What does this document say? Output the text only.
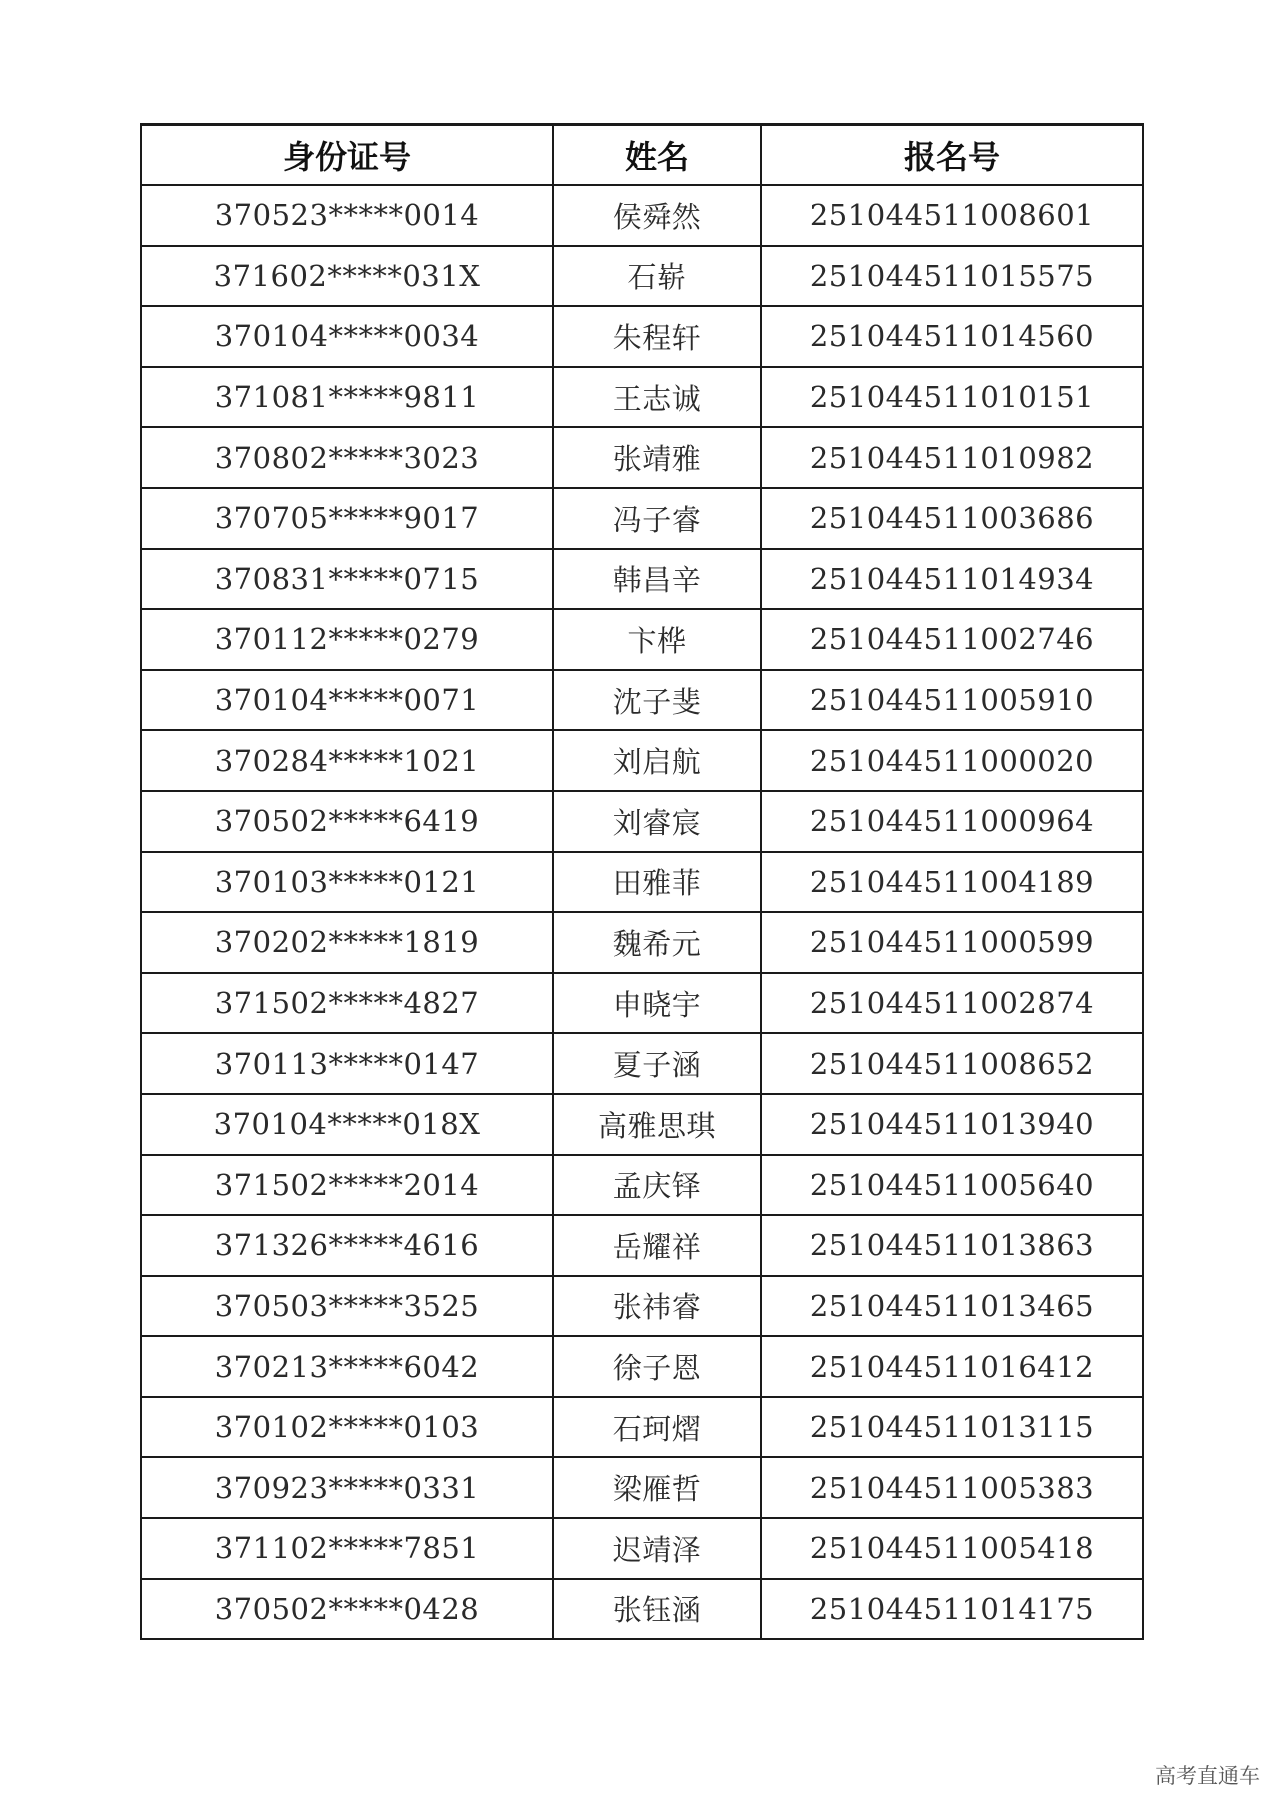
身份证号	姓名	报名号
370523*****0014	侯舜然	251044511008601
371602*****031X	石崭	251044511015575
370104*****0034	朱程轩	251044511014560
371081*****9811	王志诚	251044511010151
370802*****3023	张靖雅	251044511010982
370705*****9017	冯子睿	251044511003686
370831*****0715	韩昌辛	251044511014934
370112*****0279	卞桦	251044511002746
370104*****0071	沈子斐	251044511005910
370284*****1021	刘启航	251044511000020
370502*****6419	刘睿宸	251044511000964
370103*****0121	田雅菲	251044511004189
370202*****1819	魏希元	251044511000599
371502*****4827	申晓宇	251044511002874
370113*****0147	夏子涵	251044511008652
370104*****018X	高雅思琪	251044511013940
371502*****2014	孟庆铎	251044511005640
371326*****4616	岳耀祥	251044511013863
370503*****3525	张祎睿	251044511013465
370213*****6042	徐子恩	251044511016412
370102*****0103	石珂熠	251044511013115
370923*****0331	梁雁哲	251044511005383
371102*****7851	迟靖泽	251044511005418
370502*****0428	张钰涵	251044511014175
高考直通车
